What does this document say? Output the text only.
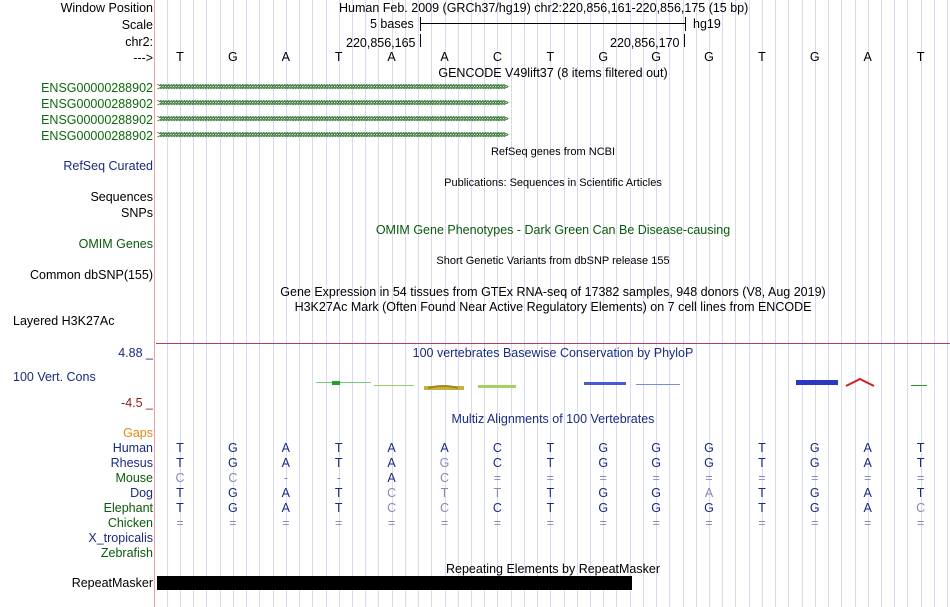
Window Position
Scale
chr2:
--->
Human Feb. 2009 (GRCh37/hg19) chr2:220,856,161-220,856,175 (15 bp)
5 bases	hg19
220,856,165	220,856,170
T	G	A	T	A	A	C	T	G	G	G	T	G	A	T
GENCODE V49lift37 (8 items filtered out)
ENSG00000288902 >>>>>>>>>>>>>>>>>>>>>>>>>>>>>>>>>>>>>>>>>>>>>>>>>>>>>>>>>>>>>>>>>>>>>>>>>>>>>>>>>>>>>>>>>>>>>>>>>>>>>>>>>>>>>>>>>>>>>>>>>>>>>>>>>>>>
ENSG00000288902 >>>>>>>>>>>>>>>>>>>>>>>>>>>>>>>>>>>>>>>>>>>>>>>>>>>>>>>>>>>>>>>>>>>>>>>>>>>>>>>>>>>>>>>>>>>>>>>>>>>>>>>>>>>>>>>>>>>>>>>>>>>>>>>>>>>>
ENSG00000288902 >>>>>>>>>>>>>>>>>>>>>>>>>>>>>>>>>>>>>>>>>>>>>>>>>>>>>>>>>>>>>>>>>>>>>>>>>>>>>>>>>>>>>>>>>>>>>>>>>>>>>>>>>>>>>>>>>>>>>>>>>>>>>>>>>>>>
ENSG00000288902 >>>>>>>>>>>>>>>>>>>>>>>>>>>>>>>>>>>>>>>>>>>>>>>>>>>>>>>>>>>>>>>>>>>>>>>>>>>>>>>>>>>>>>>>>>>>>>>>>>>>>>>>>>>>>>>>>>>>>>>>>>>>>>>>>>>>
RefSeq Curated
RefSeq genes from NCBI
Publications: Sequences in Scientific Articles
Sequences
SNPs
OMIM Gene Phenotypes - Dark Green Can Be Disease-causing
OMIM Genes
Short Genetic Variants from dbSNP release 155
Common dbSNP(155)
Gene Expression in 54 tissues from GTEx RNA-seq of 17382 samples, 948 donors (V8, Aug 2019)
H3K27Ac Mark (Often Found Near Active Regulatory Elements) on 7 cell lines from ENCODE
Layered H3K27Ac
4.88 _	100 vertebrates Basewise Conservation by PhyloP
100 Vert. Cons
-4.5 _
Multiz Alignments of 100 Vertebrates
Gaps
Human	T	G	A	T	A	A	C	T	G	G	G	T	G	A	T
Rhesus	T	G	A	T	A	G	C	T	G	G	G	T	G	A	T
Mouse	C	C	-	-	A	C	=	=	=	=	=	=	=	=	=
Dog	T	G	A	T	C	T	T	T	G	G	A	T	G	A	T
Elephant	T	G	A	T	C	C	C	T	G	G	G	T	G	A	C
Chicken	=	=	=	=	=	=	=	=	=	=	=	=	=	=	=
X_tropicalis
Zebrafish
Repeating Elements by RepeatMasker
RepeatMasker
